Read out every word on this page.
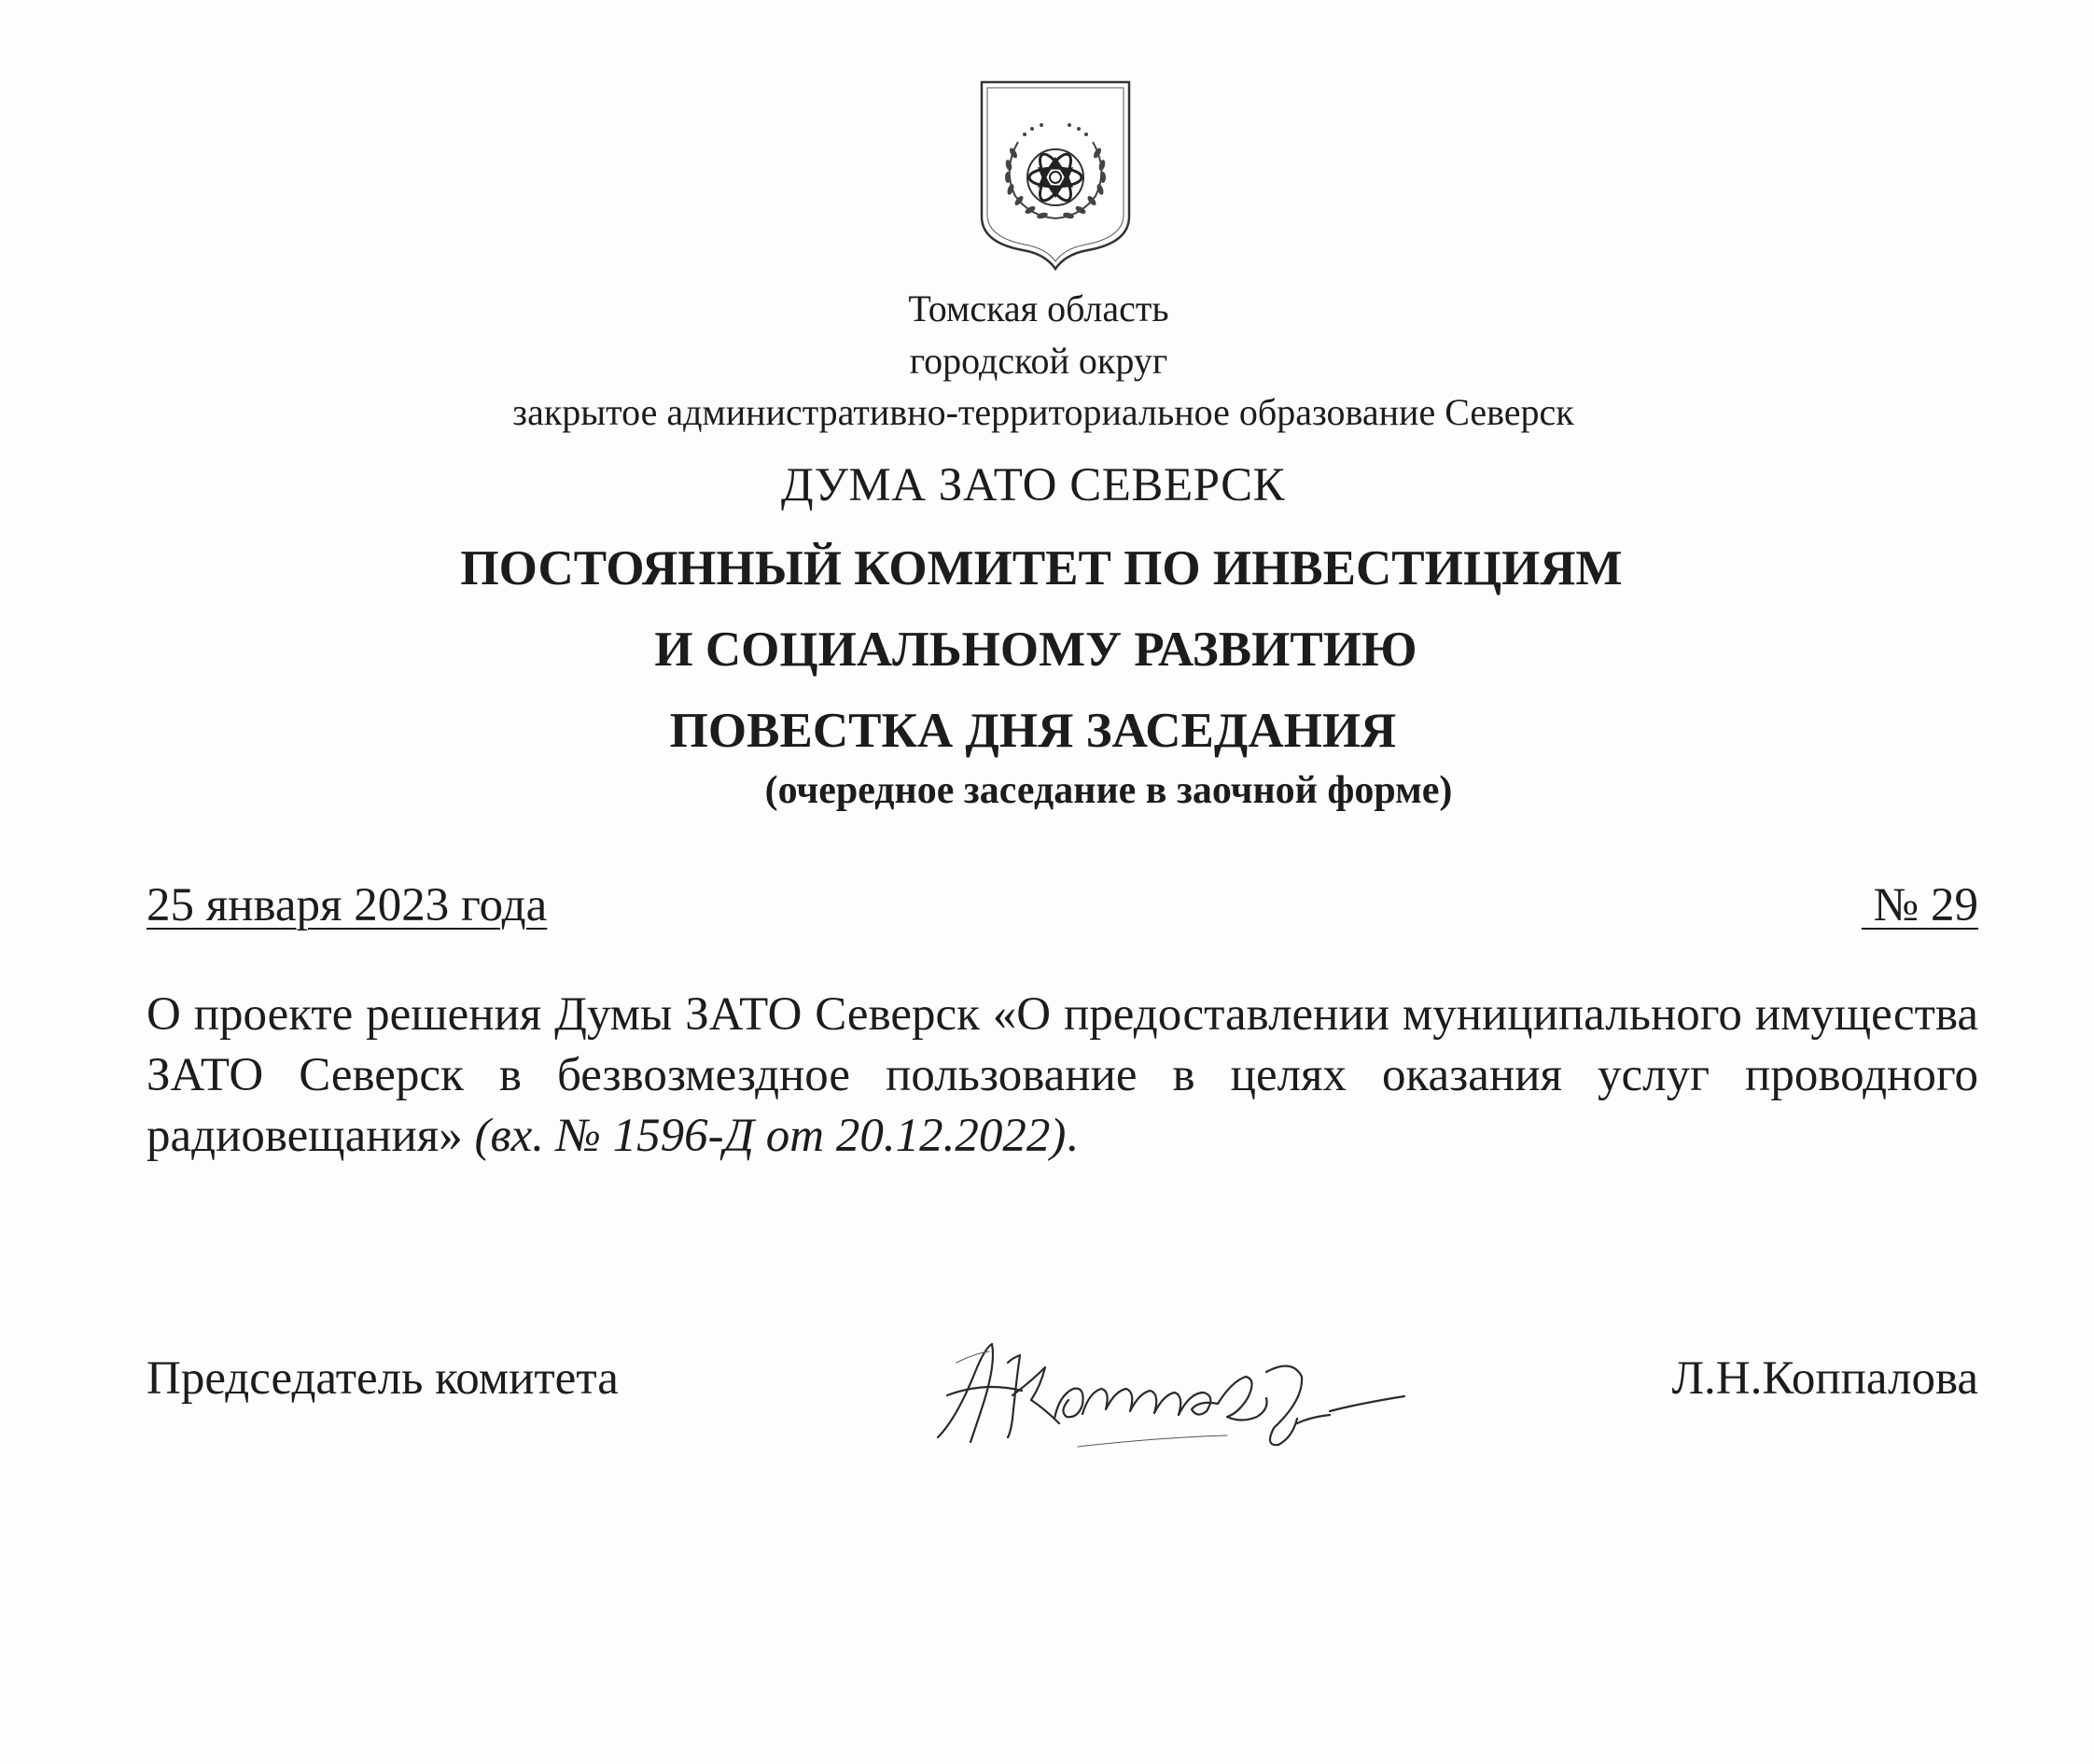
Томская область
городской округ
закрытое административно-территориальное образование Северск
ДУМА ЗАТО СЕВЕРСК
ПОСТОЯННЫЙ КОМИТЕТ ПО ИНВЕСТИЦИЯМ
И СОЦИАЛЬНОМУ РАЗВИТИЮ
ПОВЕСТКА ДНЯ ЗАСЕДАНИЯ
(очередное заседание в заочной форме)
25 января 2023 года	№ 29
О проекте решения Думы ЗАТО Северск «О предоставлении муниципального имущества ЗАТО Северск в безвозмездное пользование в целях оказания услуг проводного радиовещания» (вх. № 1596-Д от 20.12.2022).
Председатель комитета	Л.Н.Коппалова
